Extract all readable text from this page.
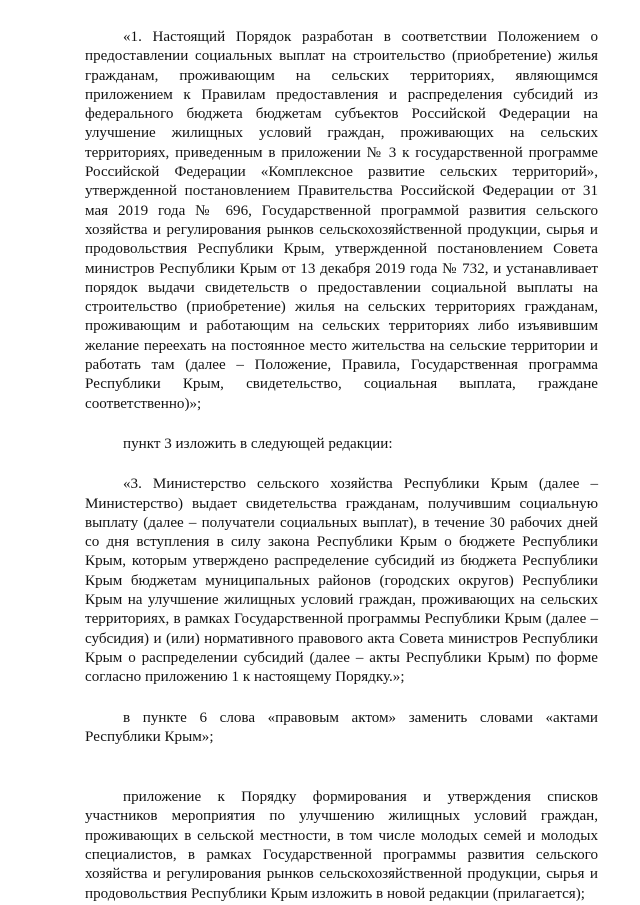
«1. Настоящий Порядок разработан в соответствии Положением о предоставлении социальных выплат на строительство (приобретение) жилья гражданам, проживающим на сельских территориях, являющимся приложением к Правилам предоставления и распределения субсидий из федерального бюджета бюджетам субъектов Российской Федерации на улучшение жилищных условий граждан, проживающих на сельских территориях, приведенным в приложении № 3 к государственной программе Российской Федерации «Комплексное развитие сельских территорий», утвержденной постановлением Правительства Российской Федерации от 31 мая 2019 года № 696, Государственной программой развития сельского хозяйства и регулирования рынков сельскохозяйственной продукции, сырья и продовольствия Республики Крым, утвержденной постановлением Совета министров Республики Крым от 13 декабря 2019 года № 732, и устанавливает порядок выдачи свидетельств о предоставлении социальной выплаты на строительство (приобретение) жилья на сельских территориях гражданам, проживающим и работающим на сельских территориях либо изъявившим желание переехать на постоянное место жительства на сельские территории и работать там (далее – Положение, Правила, Государственная программа Республики Крым, свидетельство, социальная выплата, граждане соответственно)»;

пункт 3 изложить в следующей редакции:

«3. Министерство сельского хозяйства Республики Крым (далее – Министерство) выдает свидетельства гражданам, получившим социальную выплату (далее – получатели социальных выплат), в течение 30 рабочих дней со дня вступления в силу закона Республики Крым о бюджете Республики Крым, которым утверждено распределение субсидий из бюджета Республики Крым бюджетам муниципальных районов (городских округов) Республики Крым на улучшение жилищных условий граждан, проживающих на сельских территориях, в рамках Государственной программы Республики Крым (далее – субсидия) и (или) нормативного правового акта Совета министров Республики Крым о распределении субсидий (далее – акты Республики Крым) по форме согласно приложению 1 к настоящему Порядку.»;

в пункте 6 слова «правовым актом» заменить словами «актами Республики Крым»;

приложение к Порядку формирования и утверждения списков участников мероприятия по улучшению жилищных условий граждан, проживающих в сельской местности, в том числе молодых семей и молодых специалистов, в рамках Государственной программы развития сельского хозяйства и регулирования рынков сельскохозяйственной продукции, сырья и продовольствия Республики Крым изложить в новой редакции (прилагается);
